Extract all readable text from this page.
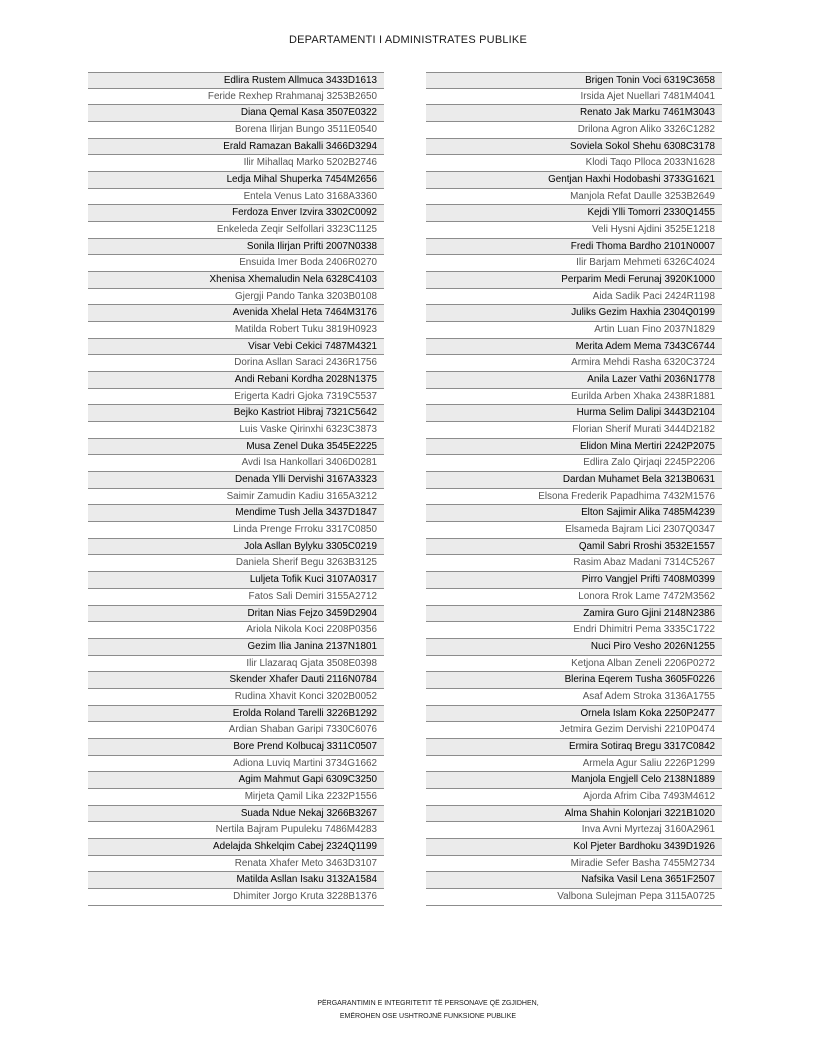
DEPARTAMENTI I ADMINISTRATES PUBLIKE
Edlira Rustem Allmuca 3433D1613
Feride Rexhep Rrahmanaj 3253B2650
Diana Qemal Kasa 3507E0322
Borena Ilirjan Bungo 3511E0540
Erald Ramazan Bakalli 3466D3294
Ilir Mihallaq Marko 5202B2746
Ledja Mihal Shuperka 7454M2656
Entela Venus Lato 3168A3360
Ferdoza Enver Izvira 3302C0092
Enkeleda Zeqir Selfollari 3323C1125
Sonila Ilirjan Prifti 2007N0338
Ensuida Imer Boda 2406R0270
Xhenisa Xhemaludin Nela 6328C4103
Gjergji Pando Tanka 3203B0108
Avenida Xhelal Heta 7464M3176
Matilda Robert Tuku 3819H0923
Visar Vebi Cekici 7487M4321
Dorina Asllan Saraci 2436R1756
Andi Rebani Kordha 2028N1375
Erigerta Kadri Gjoka 7319C5537
Bejko Kastriot Hibraj 7321C5642
Luis Vaske Qirinxhi 6323C3873
Musa Zenel Duka 3545E2225
Avdi Isa Hankollari 3406D0281
Denada Ylli Dervishi 3167A3323
Saimir Zamudin Kadiu 3165A3212
Mendime Tush Jella 3437D1847
Linda Prenge Frroku 3317C0850
Jola Asllan Bylyku 3305C0219
Daniela Sherif Begu 3263B3125
Luljeta Tofik Kuci 3107A0317
Fatos Sali Demiri 3155A2712
Dritan Nias Fejzo 3459D2904
Ariola Nikola Koci 2208P0356
Gezim Ilia Janina 2137N1801
Ilir Llazaraq Gjata 3508E0398
Skender Xhafer Dauti 2116N0784
Rudina Xhavit Konci 3202B0052
Erolda Roland Tarelli 3226B1292
Ardian Shaban Garipi 7330C6076
Bore Prend Kolbucaj 3311C0507
Adiona Luviq Martini 3734G1662
Agim Mahmut Gapi 6309C3250
Mirjeta Qamil Lika 2232P1556
Suada Ndue Nekaj 3266B3267
Nertila Bajram Pupuleku 7486M4283
Adelajda Shkelqim Cabej 2324Q1199
Renata Xhafer Meto 3463D3107
Matilda Asllan Isaku 3132A1584
Dhimiter Jorgo Kruta 3228B1376
Brigen Tonin Voci 6319C3658
Irsida Ajet Nuellari 7481M4041
Renato Jak Marku 7461M3043
Drilona Agron Aliko 3326C1282
Soviela Sokol Shehu 6308C3178
Klodi Taqo Plloca 2033N1628
Gentjan Haxhi Hodobashi 3733G1621
Manjola Refat Daulle 3253B2649
Kejdi Ylli Tomorri 2330Q1455
Veli Hysni Ajdini 3525E1218
Fredi Thoma Bardho 2101N0007
Ilir Barjam Mehmeti 6326C4024
Perparim Medi Ferunaj 3920K1000
Aida Sadik Paci 2424R1198
Juliks Gezim Haxhia 2304Q0199
Artin Luan Fino 2037N1829
Merita Adem Mema 7343C6744
Armira Mehdi Rasha 6320C3724
Anila Lazer Vathi 2036N1778
Eurilda Arben Xhaka 2438R1881
Hurma Selim Dalipi 3443D2104
Florian Sherif Murati 3444D2182
Elidon Mina Mertiri 2242P2075
Edlira Zalo Qirjaqi 2245P2206
Dardan Muhamet Bela 3213B0631
Elsona Frederik Papadhima 7432M1576
Elton Sajimir Alika 7485M4239
Elsameda Bajram Lici 2307Q0347
Qamil Sabri Rroshi 3532E1557
Rasim Abaz Madani 7314C5267
Pirro Vangjel Prifti 7408M0399
Lonora Rrok Lame 7472M3562
Zamira Guro Gjini 2148N2386
Endri Dhimitri Pema 3335C1722
Nuci Piro Vesho 2026N1255
Ketjona Alban Zeneli 2206P0272
Blerina Eqerem Tusha 3605F0226
Asaf Adem Stroka 3136A1755
Ornela Islam Koka 2250P2477
Jetmira Gezim Dervishi 2210P0474
Ermira Sotiraq Bregu 3317C0842
Armela Agur Saliu 2226P1299
Manjola Engjell Celo 2138N1889
Ajorda Afrim Ciba 7493M4612
Alma Shahin Kolonjari 3221B1020
Inva Avni Myrtezaj 3160A2961
Kol Pjeter Bardhoku 3439D1926
Miradie Sefer Basha 7455M2734
Nafsika Vasil Lena 3651F2507
Valbona Sulejman Pepa 3115A0725
PËRGARANTIMIN E INTEGRITETIT TË PERSONAVE QË ZGJIDHEN,
EMËROHEN OSE USHTROJNË FUNKSIONE PUBLIKE
